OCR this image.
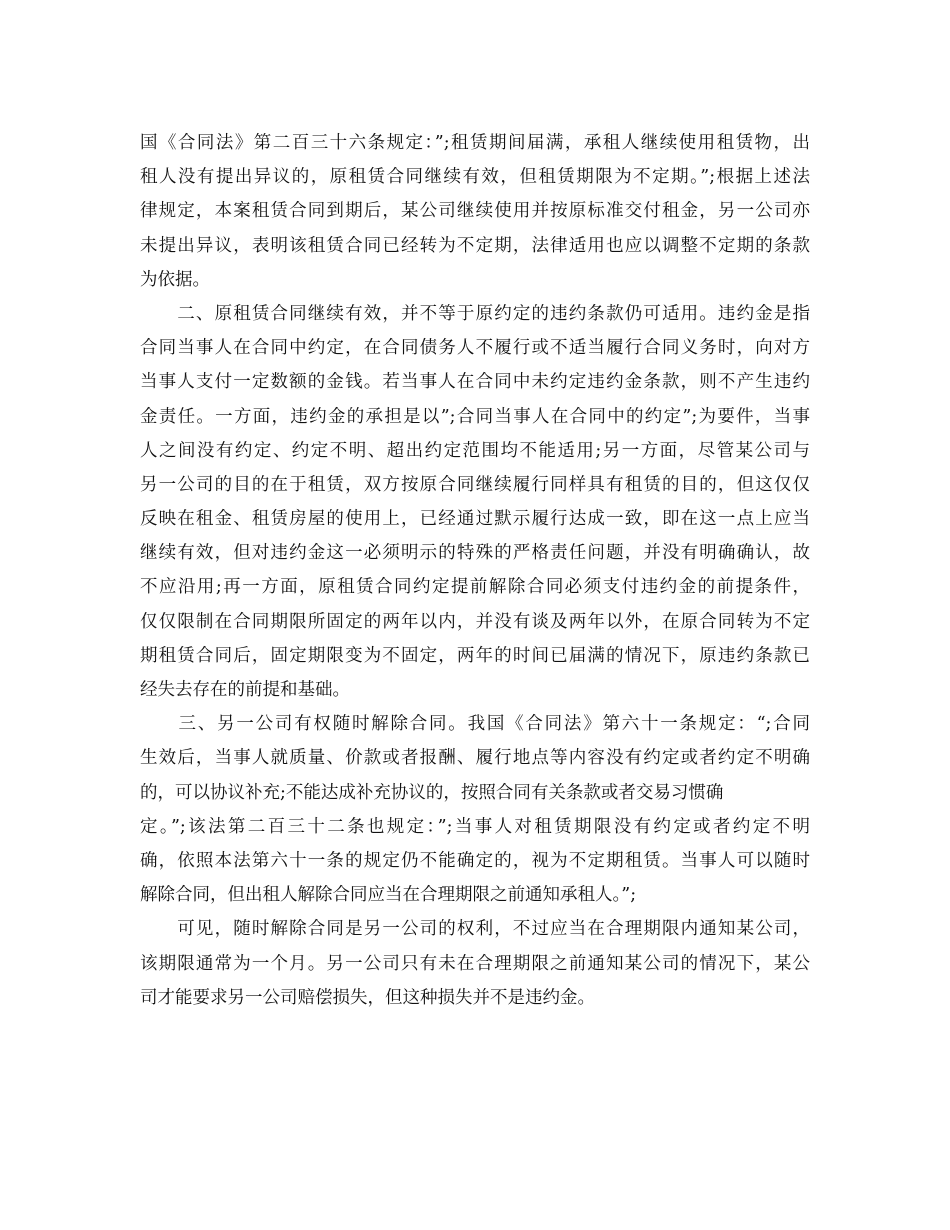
国《合同法》第二百三十六条规定：”;租赁期间届满，承租人继续使用租赁物，出
租人没有提出异议的，原租赁合同继续有效，但租赁期限为不定期。”;根据上述法
律规定，本案租赁合同到期后，某公司继续使用并按原标准交付租金，另一公司亦
未提出异议，表明该租赁合同已经转为不定期，法律适用也应以调整不定期的条款
为依据。
　　二、原租赁合同继续有效，并不等于原约定的违约条款仍可适用。违约金是指
合同当事人在合同中约定，在合同债务人不履行或不适当履行合同义务时，向对方
当事人支付一定数额的金钱。若当事人在合同中未约定违约金条款，则不产生违约
金责任。一方面，违约金的承担是以”;合同当事人在合同中的约定”;为要件，当事
人之间没有约定、约定不明、超出约定范围均不能适用;另一方面，尽管某公司与
另一公司的目的在于租赁，双方按原合同继续履行同样具有租赁的目的，但这仅仅
反映在租金、租赁房屋的使用上，已经通过默示履行达成一致，即在这一点上应当
继续有效，但对违约金这一必须明示的特殊的严格责任问题，并没有明确确认，故
不应沿用;再一方面，原租赁合同约定提前解除合同必须支付违约金的前提条件，
仅仅限制在合同期限所固定的两年以内，并没有谈及两年以外，在原合同转为不定
期租赁合同后，固定期限变为不固定，两年的时间已届满的情况下，原违约条款已
经失去存在的前提和基础。
　　三、另一公司有权随时解除合同。我国《合同法》第六十一条规定：“;合同
生效后，当事人就质量、价款或者报酬、履行地点等内容没有约定或者约定不明确
的，可以协议补充;不能达成补充协议的，按照合同有关条款或者交易习惯确
定。”;该法第二百三十二条也规定：”;当事人对租赁期限没有约定或者约定不明
确，依照本法第六十一条的规定仍不能确定的，视为不定期租赁。当事人可以随时
解除合同，但出租人解除合同应当在合理期限之前通知承租人。”;
　　可见，随时解除合同是另一公司的权利，不过应当在合理期限内通知某公司，
该期限通常为一个月。另一公司只有未在合理期限之前通知某公司的情况下，某公
司才能要求另一公司赔偿损失，但这种损失并不是违约金。
